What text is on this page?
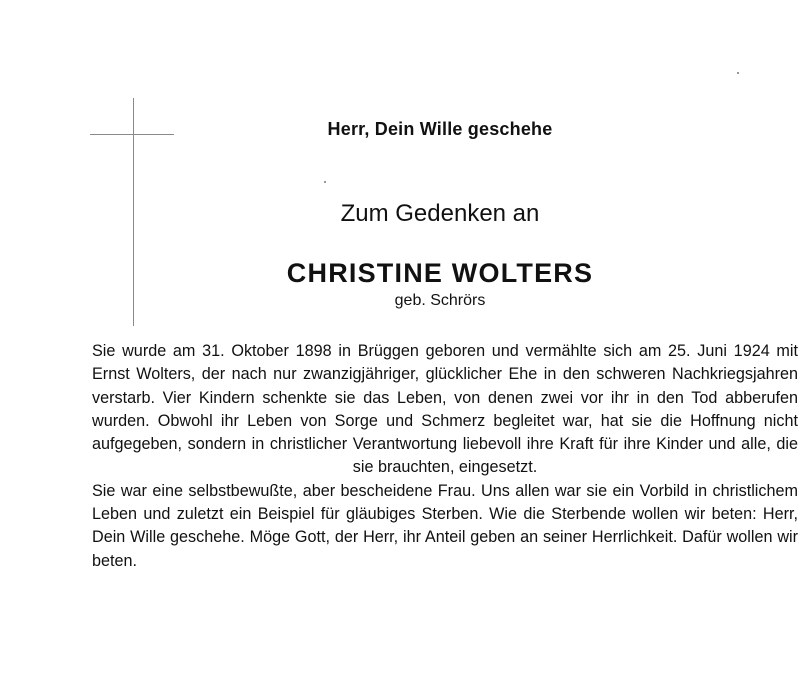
Herr, Dein Wille geschehe
Zum Gedenken an
CHRISTINE WOLTERS
geb. Schrörs

Sie wurde am 31. Oktober 1898 in Brüggen geboren und vermählte sich am 25. Juni 1924 mit Ernst Wolters, der nach nur zwanzigjähriger, glücklicher Ehe in den schweren Nachkriegsjahren verstarb. Vier Kindern schenkte sie das Leben, von denen zwei vor ihr in den Tod abberufen wurden. Obwohl ihr Leben von Sorge und Schmerz begleitet war, hat sie die Hoffnung nicht aufgegeben, sondern in christlicher Verantwortung liebevoll ihre Kraft für ihre Kinder und alle, die sie brauchten, eingesetzt.

Sie war eine selbstbewußte, aber bescheidene Frau. Uns allen war sie ein Vorbild in christlichem Leben und zuletzt ein Beispiel für gläubiges Sterben. Wie die Sterbende wollen wir beten: Herr, Dein Wille geschehe. Möge Gott, der Herr, ihr Anteil geben an seiner Herrlichkeit. Dafür wollen wir beten.
